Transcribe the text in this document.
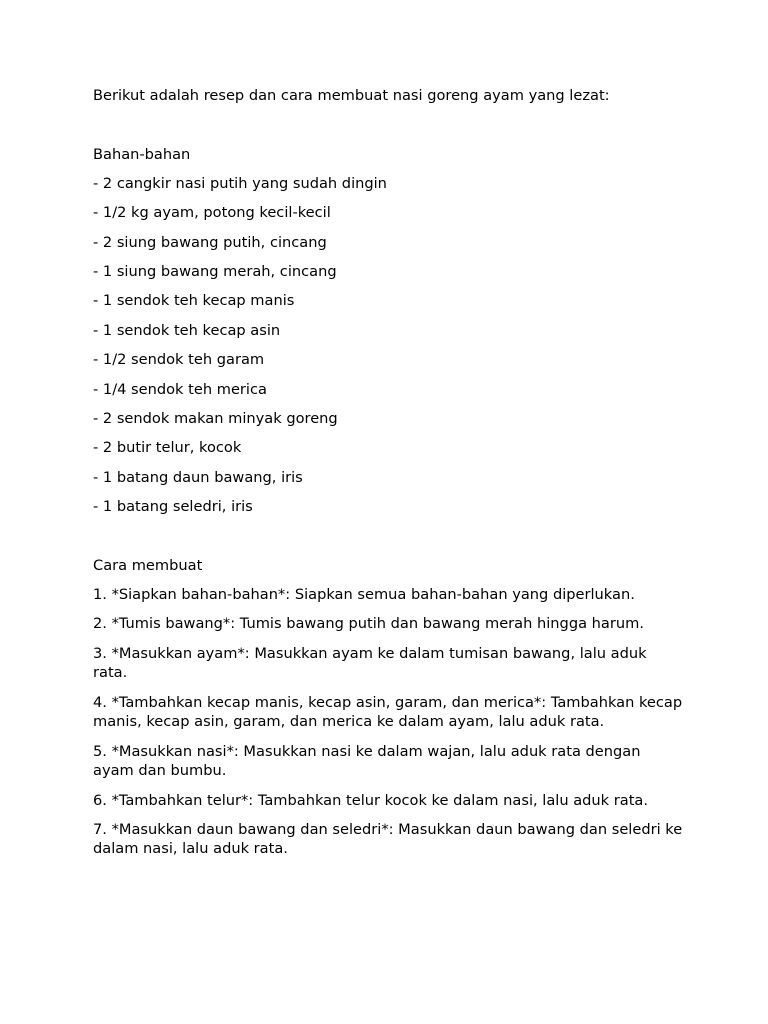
Berikut adalah resep dan cara membuat nasi goreng ayam yang lezat:

Bahan-bahan

- 2 cangkir nasi putih yang sudah dingin
- 1/2 kg ayam, potong kecil-kecil
- 2 siung bawang putih, cincang
- 1 siung bawang merah, cincang
- 1 sendok teh kecap manis
- 1 sendok teh kecap asin
- 1/2 sendok teh garam
- 1/4 sendok teh merica
- 2 sendok makan minyak goreng
- 2 butir telur, kocok
- 1 batang daun bawang, iris
- 1 batang seledri, iris

Cara membuat

1. *Siapkan bahan-bahan*: Siapkan semua bahan-bahan yang diperlukan.
2. *Tumis bawang*: Tumis bawang putih dan bawang merah hingga harum.
3. *Masukkan ayam*: Masukkan ayam ke dalam tumisan bawang, lalu aduk rata.
4. *Tambahkan kecap manis, kecap asin, garam, dan merica*: Tambahkan kecap manis, kecap asin, garam, dan merica ke dalam ayam, lalu aduk rata.
5. *Masukkan nasi*: Masukkan nasi ke dalam wajan, lalu aduk rata dengan ayam dan bumbu.
6. *Tambahkan telur*: Tambahkan telur kocok ke dalam nasi, lalu aduk rata.
7. *Masukkan daun bawang dan seledri*: Masukkan daun bawang dan seledri ke dalam nasi, lalu aduk rata.
